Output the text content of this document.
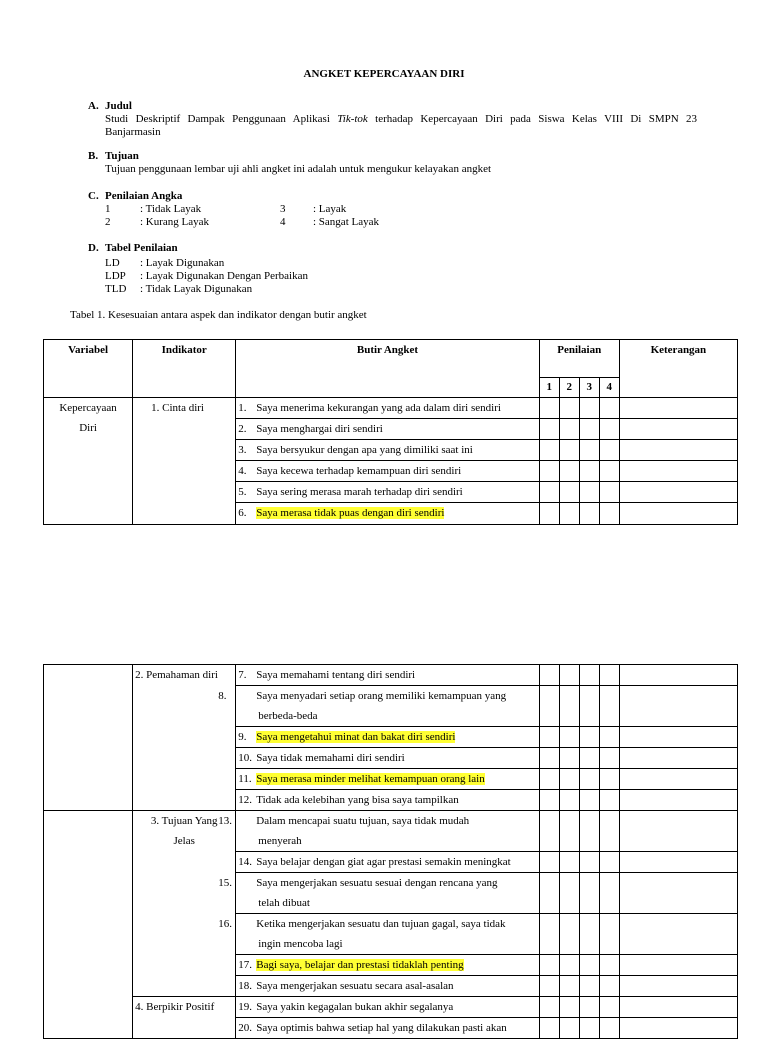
ANGKET KEPERCAYAAN DIRI
A. Judul
Studi Deskriptif Dampak Penggunaan Aplikasi Tik-tok terhadap Kepercayaan Diri pada Siswa Kelas VIII Di SMPN 23
Banjarmasin
B. Tujuan
Tujuan penggunaan lembar uji ahli angket ini adalah untuk mengukur kelayakan angket
C. Penilaian Angka
1	: Tidak Layak
2	: Kurang Layak
3	: Layak
4	: Sangat Layak
D. Tabel Penilaian
LD : Layak Digunakan
LDP : Layak Digunakan Dengan Perbaikan
TLD : Tidak Layak Digunakan
Tabel 1. Kesesuaian antara aspek dan indikator dengan butir angket
Variabel	Indikator	Butir Angket	Penilaian				Keterangan
			1	2	3	4	
Kepercayaan
Diri	1. Cinta diri	1. Saya menerima kekurangan yang ada dalam diri sendiri					
		2. Saya menghargai diri sendiri					
		3. Saya bersyukur dengan apa yang dimiliki saat ini					
		4. Saya kecewa terhadap kemampuan diri sendiri					
		5. Saya sering merasa marah terhadap diri sendiri					
		6. Saya merasa tidak puas dengan diri sendiri					
	2. Pemahaman diri	7. Saya memahami tentang diri sendiri					

		8. Saya menyadari setiap orang memiliki kemampuan yang
berbeda-beda					

		9. Saya mengetahui minat dan bakat diri sendiri					
		10. Saya tidak memahami diri sendiri					
		11. Saya merasa minder melihat kemampuan orang lain					
		12. Tidak ada kelebihan yang bisa saya tampilkan					
	3. Tujuan Yang
Jelas	13. Dalam mencapai suatu tujuan, saya tidak mudah
menyerah					

		14. Saya belajar dengan giat agar prestasi semakin meningkat					

		15. Saya mengerjakan sesuatu sesuai dengan rencana yang
telah dibuat					

		16. Ketika mengerjakan sesuatu dan tujuan gagal, saya tidak
ingin mencoba lagi					

		17. Bagi saya, belajar dan prestasi tidaklah penting					
		18. Saya mengerjakan sesuatu secara asal-asalan					
	4. Berpikir Positif	19. Saya yakin kegagalan bukan akhir segalanya					
		20. Saya optimis bahwa setiap hal yang dilakukan pasti akan					
